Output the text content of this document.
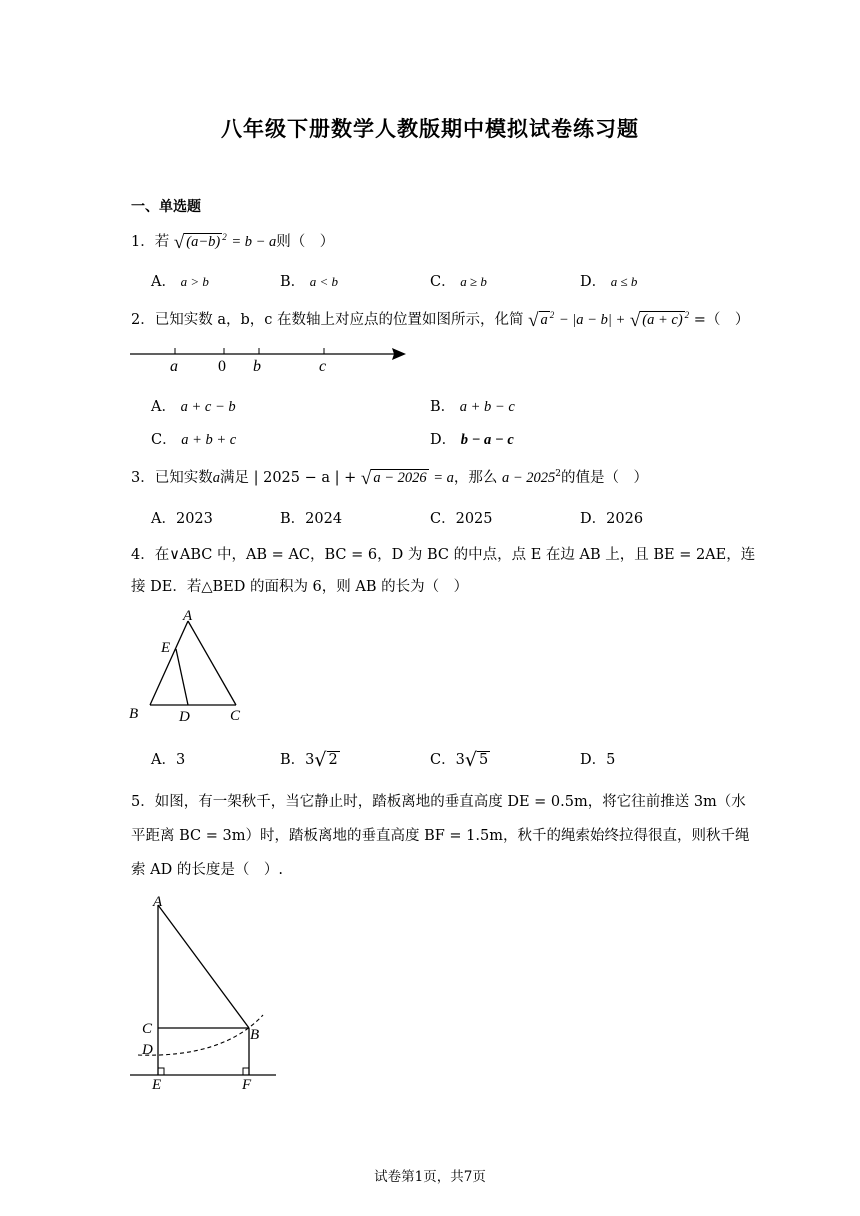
八年级下册数学人教版期中模拟试卷练习题
一、单选题
1．若 √ (a−b) $^2$ = b − a则（　）
A． a > b	B． a < b	C． a ≥ b	D． a ≤ b
2．已知实数 a，b，c 在数轴上对应点的位置如图所示，化简 √ a $^2$ − |a − b| + √ (a + c) $^2$ =（　）
a	0 b	c
A． a + c − b	B． a + b − c
C． a + b + c	D． b − a − c
3．已知实数a满足 | 2025 − a | + √ a − 2026 = a，那么 $a - 2025^2$的值是（　）
A．2023	B．2024	C．2025	D．2026
4．在∨ABC 中，AB = AC，BC = 6，D 为 BC 的中点，点 E 在边 AB 上，且 BE = 2AE，连
接 DE．若△BED 的面积为 6，则 AB 的长为（　）
A
E
B	D	C
A．3	B．3√ 2	C．3√ 5	D．5
5．如图，有一架秋千，当它静止时，踏板离地的垂直高度 DE = 0.5m，将它往前推送 3m（水
平距离 BC = 3m）时，踏板离地的垂直高度 BF = 1.5m，秋千的绳索始终拉得很直，则秋千绳
索 AD 的长度是（　）.
A
C	B
D
E	F
试卷第1页，共7页
